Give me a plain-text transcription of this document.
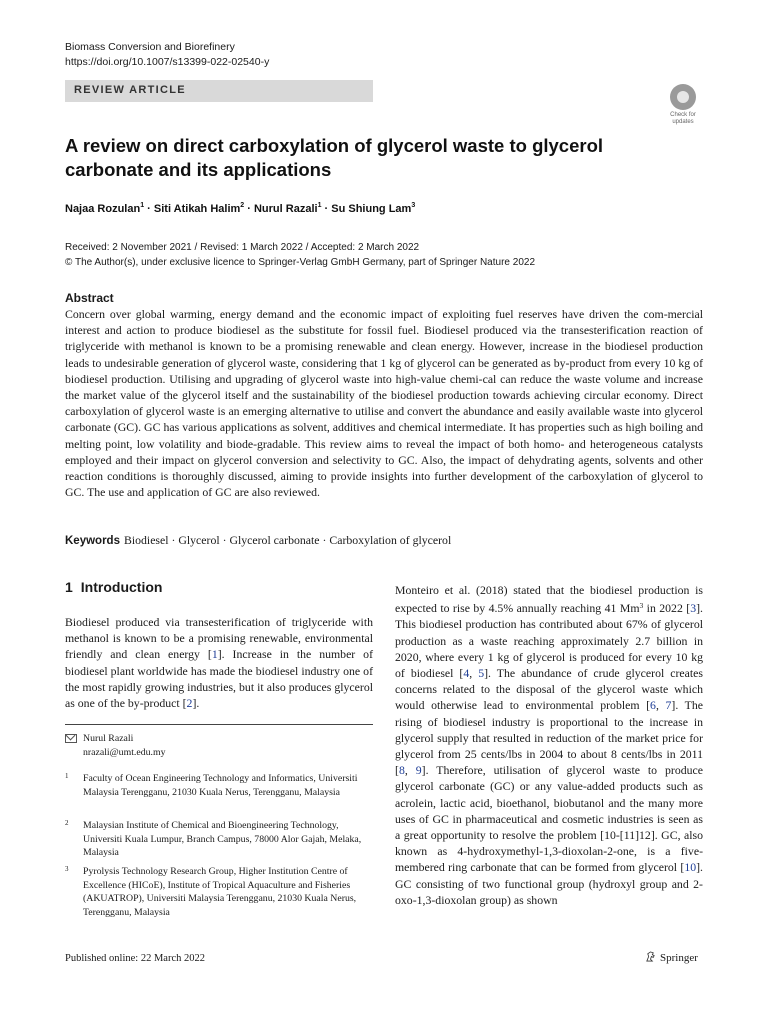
Biomass Conversion and Biorefinery
https://doi.org/10.1007/s13399-022-02540-y
REVIEW ARTICLE
Check for
updates
A review on direct carboxylation of glycerol waste to glycerol carbonate and its applications
Najaa Rozulan$^1$ · Siti Atikah Halim$^2$ · Nurul Razali$^1$ · Su Shiung Lam$^3$
Received: 2 November 2021 / Revised: 1 March 2022 / Accepted: 2 March 2022
© The Author(s), under exclusive licence to Springer-Verlag GmbH Germany, part of Springer Nature 2022
Abstract
Concern over global warming, energy demand and the economic impact of exploiting fuel reserves have driven the com-mercial interest and action to produce biodiesel as the substitute for fossil fuel. Biodiesel produced via the transesterification reaction of triglyceride with methanol is known to be a promising renewable and clean energy. However, increase in the biodiesel production leads to undesirable generation of glycerol waste, considering that 1 kg of glycerol can be generated as by-product from every 10 kg of biodiesel production. Utilising and upgrading of glycerol waste into high-value chemi-cal can reduce the waste volume and increase the market value of the glycerol itself and the sustainability of the biodiesel production towards achieving circular economy. Direct carboxylation of glycerol waste is an emerging alternative to utilise and convert the abundance and easily available waste into glycerol carbonate (GC). GC has various applications as solvent, additives and chemical intermediate. It has properties such as high boiling and melting point, low volatility and biode-gradable. This review aims to reveal the impact of both homo- and heterogeneous catalysts employed and their impact on glycerol conversion and selectivity to GC. Also, the impact of dehydrating agents, solvents and other reaction conditions is thoroughly discussed, aiming to provide insights into further development of the carboxylation of glycerol to GC. The use and application of GC are also reviewed.
Keywords Biodiesel · Glycerol · Glycerol carbonate · Carboxylation of glycerol
1 Introduction
Biodiesel produced via transesterification of triglyceride with methanol is known to be a promising renewable, environmental friendly and clean energy [1]. Increase in the number of biodiesel plant worldwide has made the biodiesel industry one of the most rapidly growing industries, but it also produces glycerol as one of the by-product [2].
Monteiro et al. (2018) stated that the biodiesel production is expected to rise by 4.5% annually reaching 41 Mm$^3$ in 2022 [3]. This biodiesel production has contributed about 67% of glycerol production as a waste reaching approximately 2.7 billion in 2020, where every 1 kg of glycerol is produced for every 10 kg of biodiesel [4, 5]. The abundance of crude glycerol creates concerns related to the disposal of the glycerol waste which would otherwise lead to environmental problem [6, 7]. The rising of biodiesel industry is proportional to the increase in glycerol supply that resulted in reduction of the market price for glycerol from 25 cents/lbs in 2004 to about 8 cents/lbs in 2011 [8, 9]. Therefore, utilisation of glycerol waste to produce glycerol carbonate (GC) or any value-added products such as acrolein, lactic acid, bioethanol, biobutanol and the many more uses of GC in pharmaceutical and cosmetic industries is seen as a great opportunity to resolve the problem [10-[11]12]. GC, also known as 4-hydroxymethyl-1,3-dioxolan-2-one, is a five-membered ring carbonate that can be formed from glycerol [10]. GC consisting of two functional group (hydroxyl group and 2-oxo-1,3-dioxolan group) as shown
Nurul Razali
nrazali@umt.edu.my
1 Faculty of Ocean Engineering Technology and Informatics, Universiti Malaysia Terengganu, 21030 Kuala Nerus, Terengganu, Malaysia
2 Malaysian Institute of Chemical and Bioengineering Technology, Universiti Kuala Lumpur, Branch Campus, 78000 Alor Gajah, Melaka, Malaysia
3 Pyrolysis Technology Research Group, Higher Institution Centre of Excellence (HICoE), Institute of Tropical Aquaculture and Fisheries (AKUATROP), Universiti Malaysia Terengganu, 21030 Kuala Nerus, Terengganu, Malaysia
Published online: 22 March 2022	Springer
